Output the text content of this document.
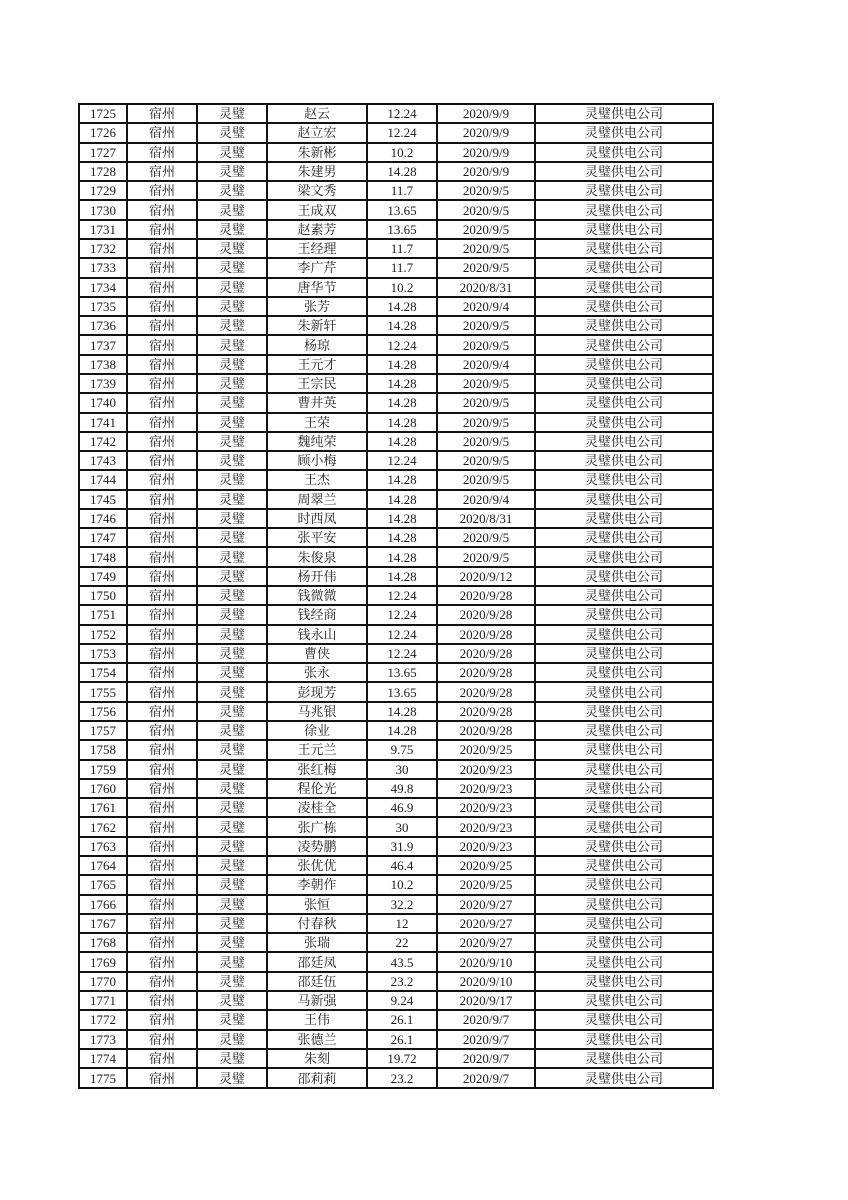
1725	宿州	灵璧	赵云	12.24	2020/9/9	灵璧供电公司
1726	宿州	灵璧	赵立宏	12.24	2020/9/9	灵璧供电公司
1727	宿州	灵璧	朱新彬	10.2	2020/9/9	灵璧供电公司
1728	宿州	灵璧	朱建男	14.28	2020/9/9	灵璧供电公司
1729	宿州	灵璧	梁文秀	11.7	2020/9/5	灵璧供电公司
1730	宿州	灵璧	王成双	13.65	2020/9/5	灵璧供电公司
1731	宿州	灵璧	赵素芳	13.65	2020/9/5	灵璧供电公司
1732	宿州	灵璧	王经理	11.7	2020/9/5	灵璧供电公司
1733	宿州	灵璧	李广芹	11.7	2020/9/5	灵璧供电公司
1734	宿州	灵璧	唐华节	10.2	2020/8/31	灵璧供电公司
1735	宿州	灵璧	张芳	14.28	2020/9/4	灵璧供电公司
1736	宿州	灵璧	朱新轩	14.28	2020/9/5	灵璧供电公司
1737	宿州	灵璧	杨琼	12.24	2020/9/5	灵璧供电公司
1738	宿州	灵璧	王元才	14.28	2020/9/4	灵璧供电公司
1739	宿州	灵璧	王宗民	14.28	2020/9/5	灵璧供电公司
1740	宿州	灵璧	曹井英	14.28	2020/9/5	灵璧供电公司
1741	宿州	灵璧	王荣	14.28	2020/9/5	灵璧供电公司
1742	宿州	灵璧	魏纯荣	14.28	2020/9/5	灵璧供电公司
1743	宿州	灵璧	顾小梅	12.24	2020/9/5	灵璧供电公司
1744	宿州	灵璧	王杰	14.28	2020/9/5	灵璧供电公司
1745	宿州	灵璧	周翠兰	14.28	2020/9/4	灵璧供电公司
1746	宿州	灵璧	时西凤	14.28	2020/8/31	灵璧供电公司
1747	宿州	灵璧	张平安	14.28	2020/9/5	灵璧供电公司
1748	宿州	灵璧	朱俊泉	14.28	2020/9/5	灵璧供电公司
1749	宿州	灵璧	杨开伟	14.28	2020/9/12	灵璧供电公司
1750	宿州	灵璧	钱微微	12.24	2020/9/28	灵璧供电公司
1751	宿州	灵璧	钱经商	12.24	2020/9/28	灵璧供电公司
1752	宿州	灵璧	钱永山	12.24	2020/9/28	灵璧供电公司
1753	宿州	灵璧	曹侠	12.24	2020/9/28	灵璧供电公司
1754	宿州	灵璧	张永	13.65	2020/9/28	灵璧供电公司
1755	宿州	灵璧	彭现芳	13.65	2020/9/28	灵璧供电公司
1756	宿州	灵璧	马兆银	14.28	2020/9/28	灵璧供电公司
1757	宿州	灵璧	徐业	14.28	2020/9/28	灵璧供电公司
1758	宿州	灵璧	王元兰	9.75	2020/9/25	灵璧供电公司
1759	宿州	灵璧	张红梅	30	2020/9/23	灵璧供电公司
1760	宿州	灵璧	程伦光	49.8	2020/9/23	灵璧供电公司
1761	宿州	灵璧	凌桂全	46.9	2020/9/23	灵璧供电公司
1762	宿州	灵璧	张广栋	30	2020/9/23	灵璧供电公司
1763	宿州	灵璧	凌势鹏	31.9	2020/9/23	灵璧供电公司
1764	宿州	灵璧	张优优	46.4	2020/9/25	灵璧供电公司
1765	宿州	灵璧	李朝作	10.2	2020/9/25	灵璧供电公司
1766	宿州	灵璧	张恒	32.2	2020/9/27	灵璧供电公司
1767	宿州	灵璧	付春秋	12	2020/9/27	灵璧供电公司
1768	宿州	灵璧	张瑞	22	2020/9/27	灵璧供电公司
1769	宿州	灵璧	邵廷凤	43.5	2020/9/10	灵璧供电公司
1770	宿州	灵璧	邵廷伍	23.2	2020/9/10	灵璧供电公司
1771	宿州	灵璧	马新强	9.24	2020/9/17	灵璧供电公司
1772	宿州	灵璧	王伟	26.1	2020/9/7	灵璧供电公司
1773	宿州	灵璧	张德兰	26.1	2020/9/7	灵璧供电公司
1774	宿州	灵璧	朱刻	19.72	2020/9/7	灵璧供电公司
1775	宿州	灵璧	邵莉莉	23.2	2020/9/7	灵璧供电公司
